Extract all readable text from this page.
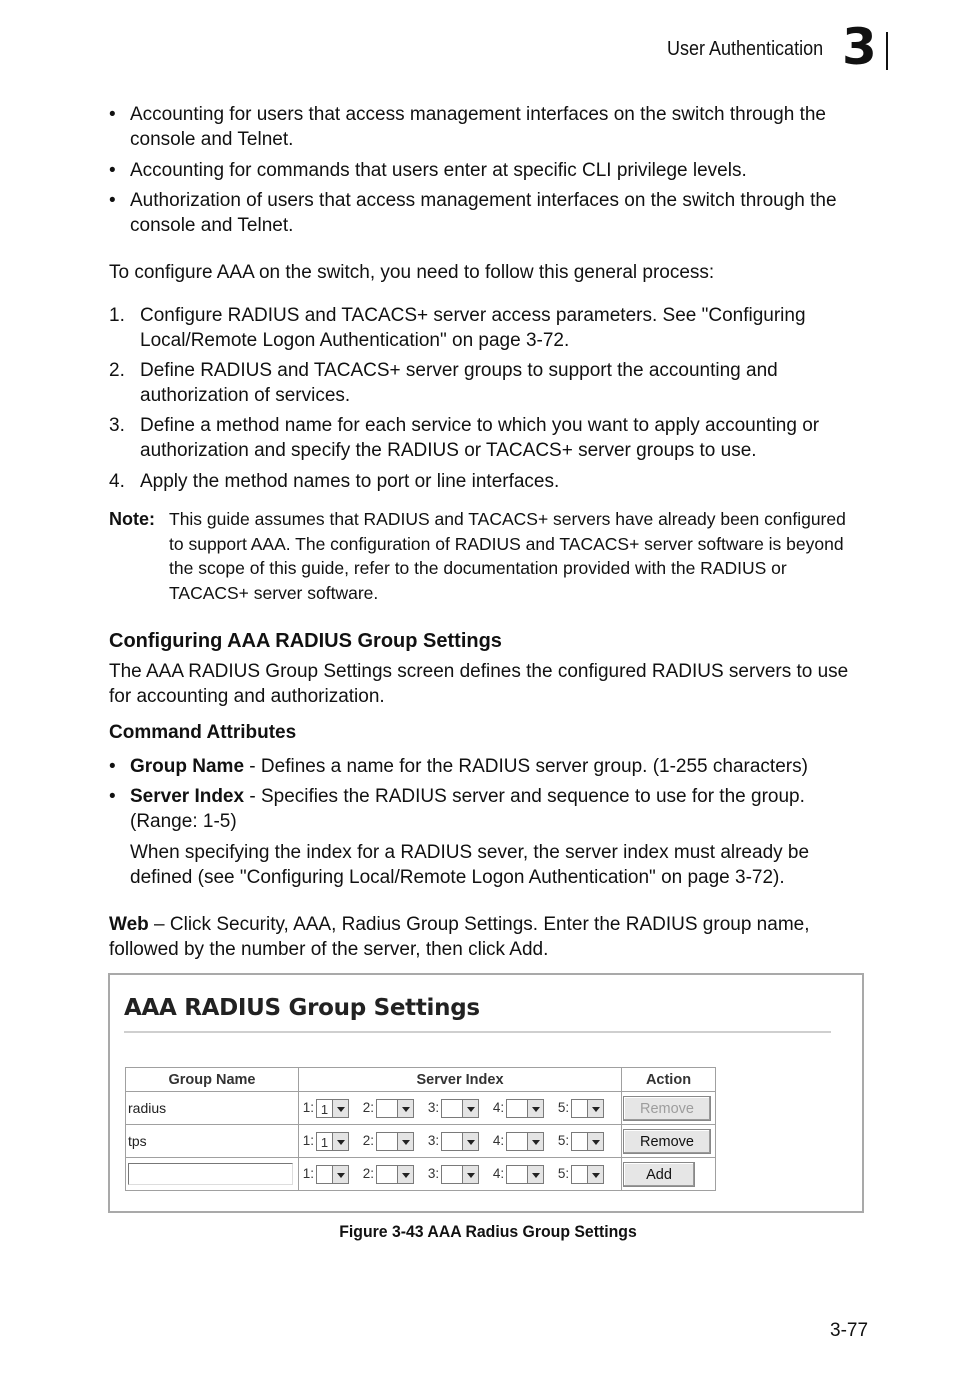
User Authentication 3
• Accounting for users that access management interfaces on the switch through the console and Telnet.
• Accounting for commands that users enter at specific CLI privilege levels.
• Authorization of users that access management interfaces on the switch through the console and Telnet.
To configure AAA on the switch, you need to follow this general process:
1. Configure RADIUS and TACACS+ server access parameters. See "Configuring Local/Remote Logon Authentication" on page 3-72.
2. Define RADIUS and TACACS+ server groups to support the accounting and authorization of services.
3. Define a method name for each service to which you want to apply accounting or authorization and specify the RADIUS or TACACS+ server groups to use.
4. Apply the method names to port or line interfaces.
Note: This guide assumes that RADIUS and TACACS+ servers have already been configured to support AAA. The configuration of RADIUS and TACACS+ server software is beyond the scope of this guide, refer to the documentation provided with the RADIUS or TACACS+ server software.
Configuring AAA RADIUS Group Settings
The AAA RADIUS Group Settings screen defines the configured RADIUS servers to use for accounting and authorization.
Command Attributes
• Group Name - Defines a name for the RADIUS server group. (1-255 characters)
• Server Index - Specifies the RADIUS server and sequence to use for the group. (Range: 1-5)
When specifying the index for a RADIUS sever, the server index must already be defined (see "Configuring Local/Remote Logon Authentication" on page 3-72).
Web – Click Security, AAA, Radius Group Settings. Enter the RADIUS group name, followed by the number of the server, then click Add.
AAA RADIUS Group Settings
Group Name	Server Index	Action
radius	1: 1 2: 3: 4: 5:	Remove
tps	1: 1 2: 3: 4: 5:	Remove
	1: 2: 3: 4: 5:	Add
Figure 3-43 AAA Radius Group Settings
3-77
